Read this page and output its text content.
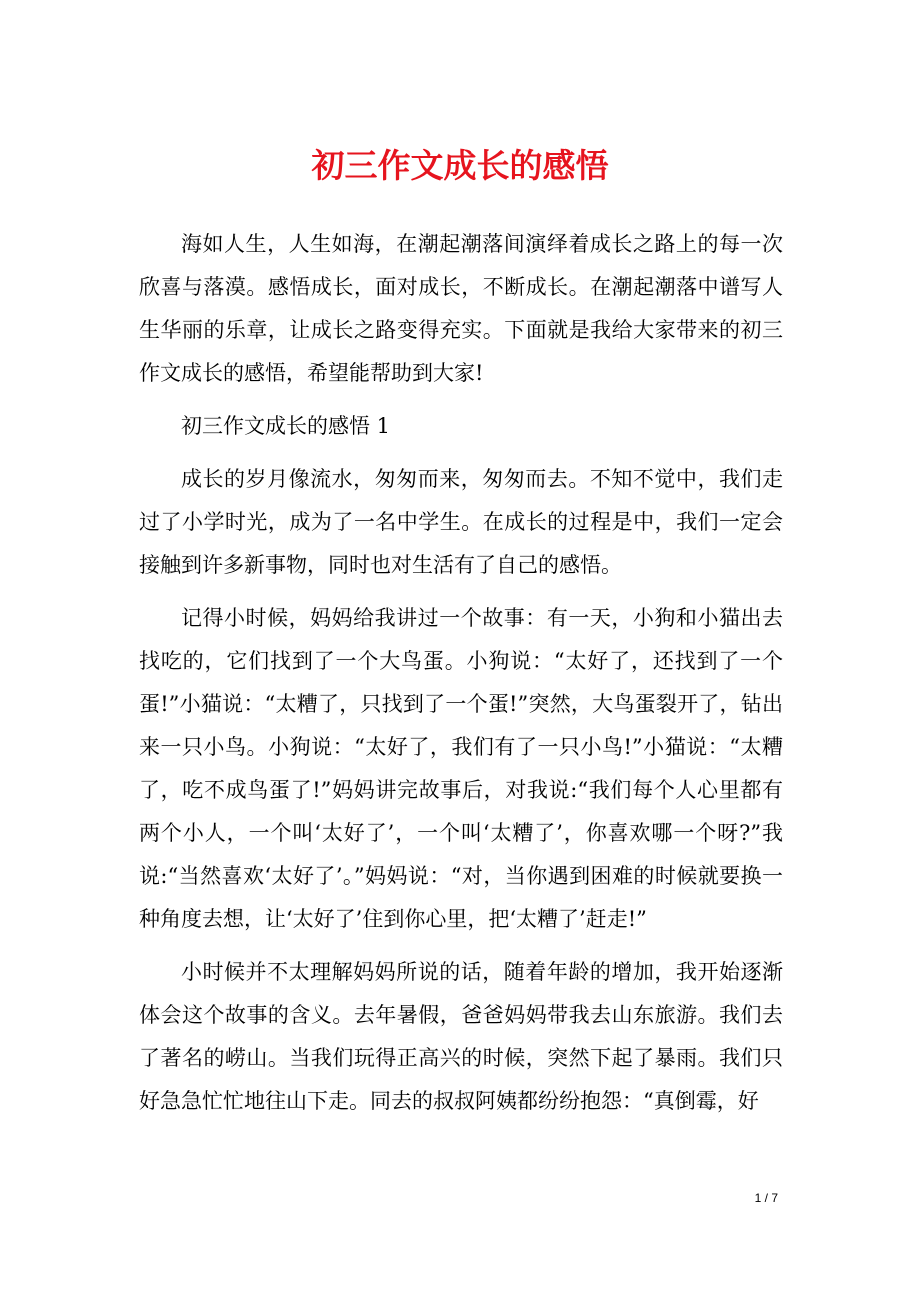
初三作文成长的感悟

海如人生，人生如海，在潮起潮落间演绎着成长之路上的每一次欣喜与落漠。感悟成长，面对成长，不断成长。在潮起潮落中谱写人生华丽的乐章，让成长之路变得充实。下面就是我给大家带来的初三作文成长的感悟，希望能帮助到大家!

初三作文成长的感悟 1

成长的岁月像流水，匆匆而来，匆匆而去。不知不觉中，我们走过了小学时光，成为了一名中学生。在成长的过程是中，我们一定会接触到许多新事物，同时也对生活有了自己的感悟。

记得小时候，妈妈给我讲过一个故事：有一天，小狗和小猫出去找吃的，它们找到了一个大鸟蛋。小狗说：“太好了，还找到了一个蛋!”小猫说：“太糟了，只找到了一个蛋!”突然，大鸟蛋裂开了，钻出来一只小鸟。小狗说：“太好了，我们有了一只小鸟!”小猫说：“太糟了，吃不成鸟蛋了!”妈妈讲完故事后，对我说:“我们每个人心里都有两个小人，一个叫‘太好了’，一个叫‘太糟了’，你喜欢哪一个呀?”我说:“当然喜欢‘太好了’。”妈妈说：“对，当你遇到困难的时候就要换一种角度去想，让‘太好了’住到你心里，把‘太糟了’赶走!”

小时候并不太理解妈妈所说的话，随着年龄的增加，我开始逐渐体会这个故事的含义。去年暑假，爸爸妈妈带我去山东旅游。我们去了著名的崂山。当我们玩得正高兴的时候，突然下起了暴雨。我们只好急急忙忙地往山下走。同去的叔叔阿姨都纷纷抱怨：“真倒霉，好

1 / 7
